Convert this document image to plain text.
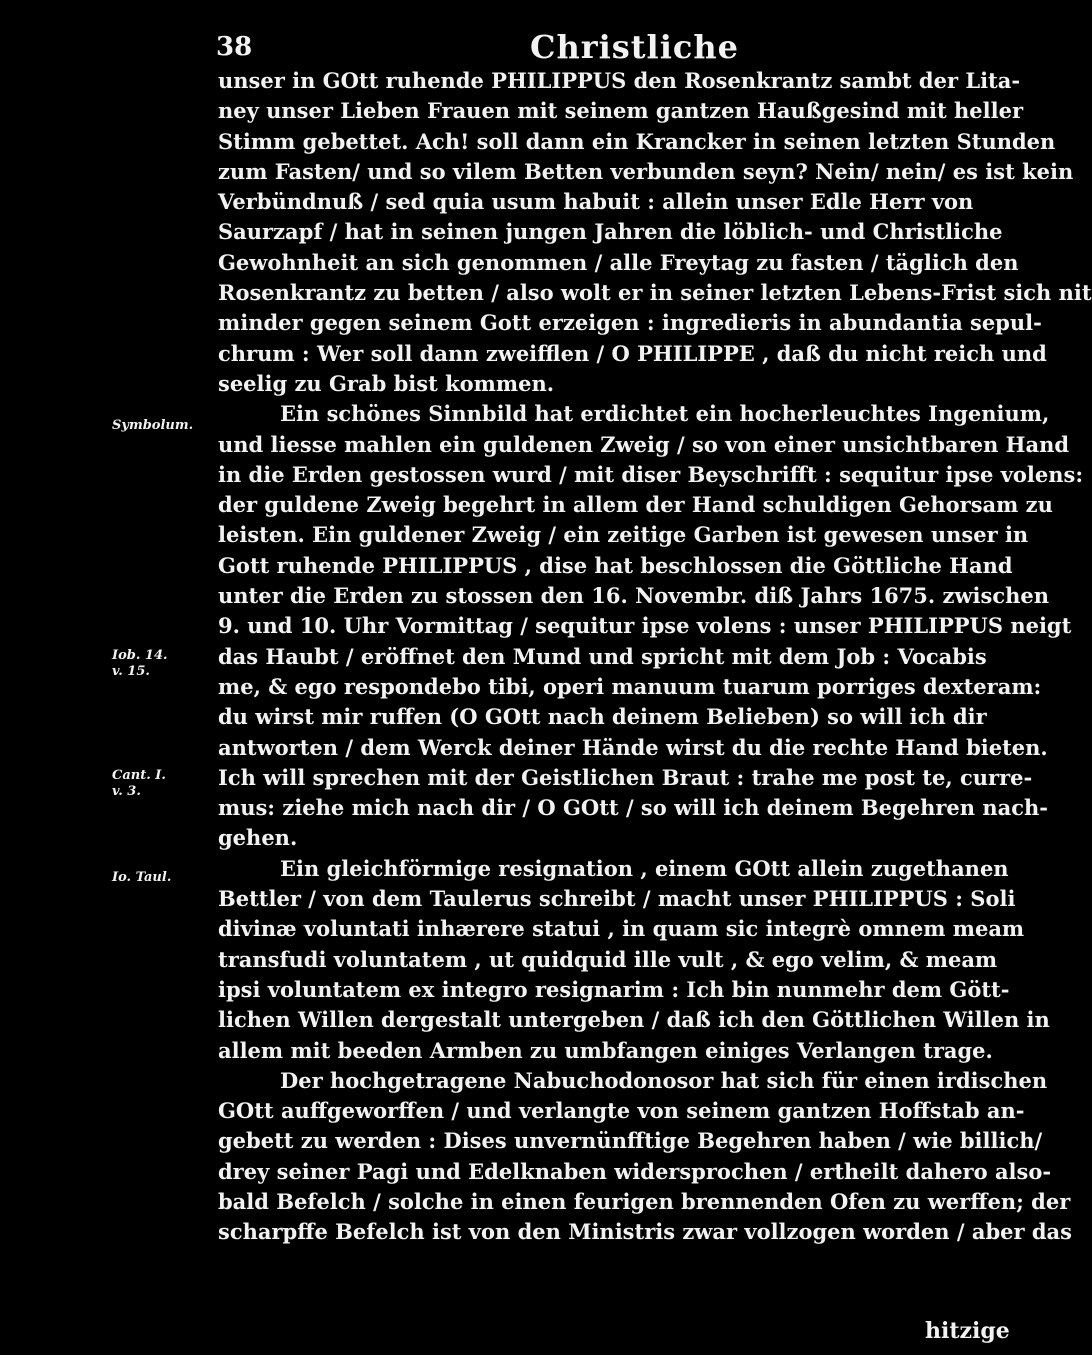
38	Christliche
Symbolum.
Iob. 14.
v. 15.
Cant. I.
v. 3.
Io. Taul.
unser in GOtt ruhende PHILIPPUS den Rosenkrantz sambt der Lita-
ney unser Lieben Frauen mit seinem gantzen Haußgesind mit heller
Stimm gebettet. Ach! soll dann ein Krancker in seinen letzten Stunden
zum Fasten/ und so vilem Betten verbunden seyn? Nein/ nein/ es ist kein
Verbündnuß / sed quia usum habuit : allein unser Edle Herr von
Saurzapf / hat in seinen jungen Jahren die löblich- und Christliche
Gewohnheit an sich genommen / alle Freytag zu fasten / täglich den
Rosenkrantz zu betten / also wolt er in seiner letzten Lebens-Frist sich nit
minder gegen seinem Gott erzeigen : ingredieris in abundantia sepul-
chrum : Wer soll dann zweifflen / O PHILIPPE , daß du nicht reich und
seelig zu Grab bist kommen.
Ein schönes Sinnbild hat erdichtet ein hocherleuchtes Ingenium,
und liesse mahlen ein guldenen Zweig / so von einer unsichtbaren Hand
in die Erden gestossen wurd / mit diser Beyschrifft : sequitur ipse volens:
der guldene Zweig begehrt in allem der Hand schuldigen Gehorsam zu
leisten. Ein guldener Zweig / ein zeitige Garben ist gewesen unser in
Gott ruhende PHILIPPUS , dise hat beschlossen die Göttliche Hand
unter die Erden zu stossen den 16. Novembr. diß Jahrs 1675. zwischen
9. und 10. Uhr Vormittag / sequitur ipse volens : unser PHILIPPUS neigt
das Haubt / eröffnet den Mund und spricht mit dem Job : Vocabis
me, & ego respondebo tibi, operi manuum tuarum porriges dexteram:
du wirst mir ruffen (O GOtt nach deinem Belieben) so will ich dir
antworten / dem Werck deiner Hände wirst du die rechte Hand bieten.
Ich will sprechen mit der Geistlichen Braut : trahe me post te, curre-
mus: ziehe mich nach dir / O GOtt / so will ich deinem Begehren nach-
gehen.
Ein gleichförmige resignation , einem GOtt allein zugethanen
Bettler / von dem Taulerus schreibt / macht unser PHILIPPUS : Soli
divinæ voluntati inhærere statui , in quam sic integrè omnem meam
transfudi voluntatem , ut quidquid ille vult , & ego velim, & meam
ipsi voluntatem ex integro resignarim : Ich bin nunmehr dem Gött-
lichen Willen dergestalt untergeben / daß ich den Göttlichen Willen in
allem mit beeden Armben zu umbfangen einiges Verlangen trage.
Der hochgetragene Nabuchodonosor hat sich für einen irdischen
GOtt auffgeworffen / und verlangte von seinem gantzen Hoffstab an-
gebett zu werden : Dises unvernünfftige Begehren haben / wie billich/
drey seiner Pagi und Edelknaben widersprochen / ertheilt dahero also-
bald Befelch / solche in einen feurigen brennenden Ofen zu werffen; der
scharpffe Befelch ist von den Ministris zwar vollzogen worden / aber das
hitzige
